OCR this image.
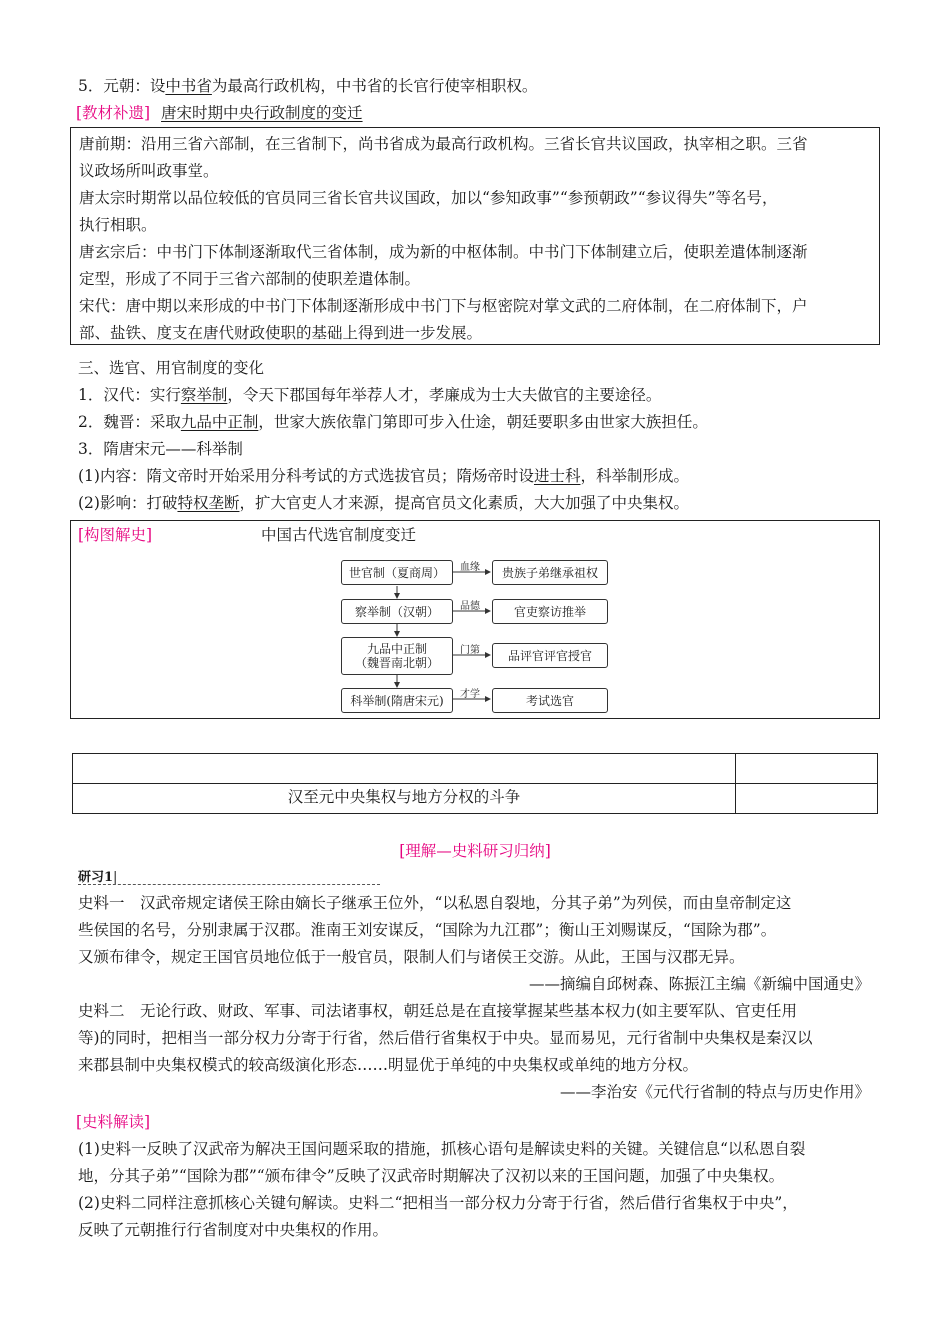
5．元朝：设中书省为最高行政机构，中书省的长官行使宰相职权。
[教材补遗] 唐宋时期中央行政制度的变迁
唐前期：沿用三省六部制，在三省制下，尚书省成为最高行政机构。三省长官共议国政，执宰相之职。三省
议政场所叫政事堂。
唐太宗时期常以品位较低的官员同三省长官共议国政，加以“参知政事”“参预朝政”“参议得失”等名号，
执行相职。
唐玄宗后：中书门下体制逐渐取代三省体制，成为新的中枢体制。中书门下体制建立后，使职差遣体制逐渐
定型，形成了不同于三省六部制的使职差遣体制。
宋代：唐中期以来形成的中书门下体制逐渐形成中书门下与枢密院对掌文武的二府体制，在二府体制下，户
部、盐铁、度支在唐代财政使职的基础上得到进一步发展。
三、选官、用官制度的变化
1．汉代：实行察举制，令天下郡国每年举荐人才，孝廉成为士大夫做官的主要途径。
2．魏晋：采取九品中正制，世家大族依靠门第即可步入仕途，朝廷要职多由世家大族担任。
3．隋唐宋元——科举制
(1)内容：隋文帝时开始采用分科考试的方式选拔官员；隋炀帝时设进士科，科举制形成。
(2)影响：打破特权垄断，扩大官吏人才来源，提高官员文化素质，大大加强了中央集权。
[构图解史]	中国古代选官制度变迁
世官制（夏商周）	血缘	贵族子弟继承祖权
察举制（汉朝）	品德	官吏察访推举
九品中正制
（魏晋南北朝）
门第	品评官评官授官
科举制(隋唐宋元)	才学	考试选官
汉至元中央集权与地方分权的斗争
[理解—史料研习归纳]
研习1|
史料一　汉武帝规定诸侯王除由嫡长子继承王位外，“以私恩自裂地，分其子弟”为列侯，而由皇帝制定这
些侯国的名号，分别隶属于汉郡。淮南王刘安谋反，“国除为九江郡”；衡山王刘赐谋反，“国除为郡”。
又颁布律令，规定王国官员地位低于一般官员，限制人们与诸侯王交游。从此，王国与汉郡无异。
——摘编自邱树森、陈振江主编《新编中国通史》
史料二　无论行政、财政、军事、司法诸事权，朝廷总是在直接掌握某些基本权力(如主要军队、官吏任用
等)的同时，把相当一部分权力分寄于行省，然后借行省集权于中央。显而易见，元行省制中央集权是秦汉以
来郡县制中央集权模式的较高级演化形态……明显优于单纯的中央集权或单纯的地方分权。
——李治安《元代行省制的特点与历史作用》
[史料解读]
(1)史料一反映了汉武帝为解决王国问题采取的措施，抓核心语句是解读史料的关键。关键信息“以私恩自裂
地，分其子弟”“国除为郡”“颁布律令”反映了汉武帝时期解决了汉初以来的王国问题，加强了中央集权。
(2)史料二同样注意抓核心关键句解读。史料二“把相当一部分权力分寄于行省，然后借行省集权于中央”，
反映了元朝推行行省制度对中央集权的作用。
